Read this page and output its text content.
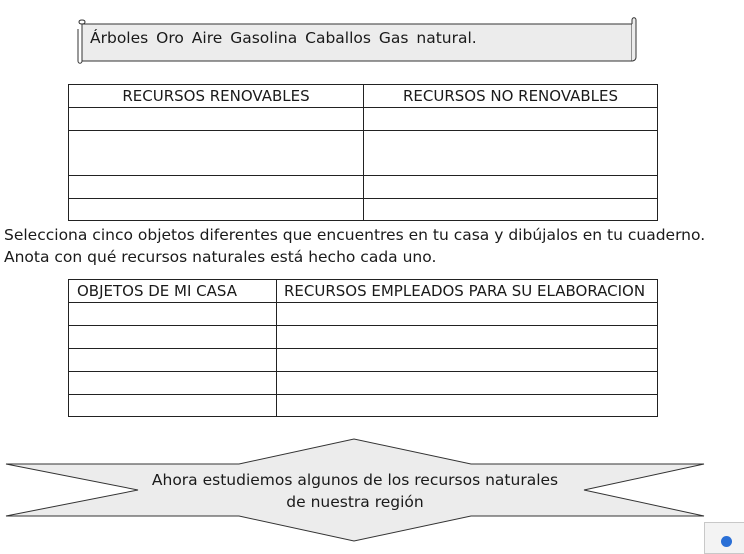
Árboles Oro Aire Gasolina Caballos Gas natural.
RECURSOS RENOVABLES	RECURSOS NO RENOVABLES

Selecciona cinco objetos diferentes que encuentres en tu casa y dibújalos en tu cuaderno.
Anota con qué recursos naturales está hecho cada uno.
OBJETOS DE MI CASA	RECURSOS EMPLEADOS PARA SU ELABORACION

Ahora estudiemos algunos de los recursos naturales de nuestra región
